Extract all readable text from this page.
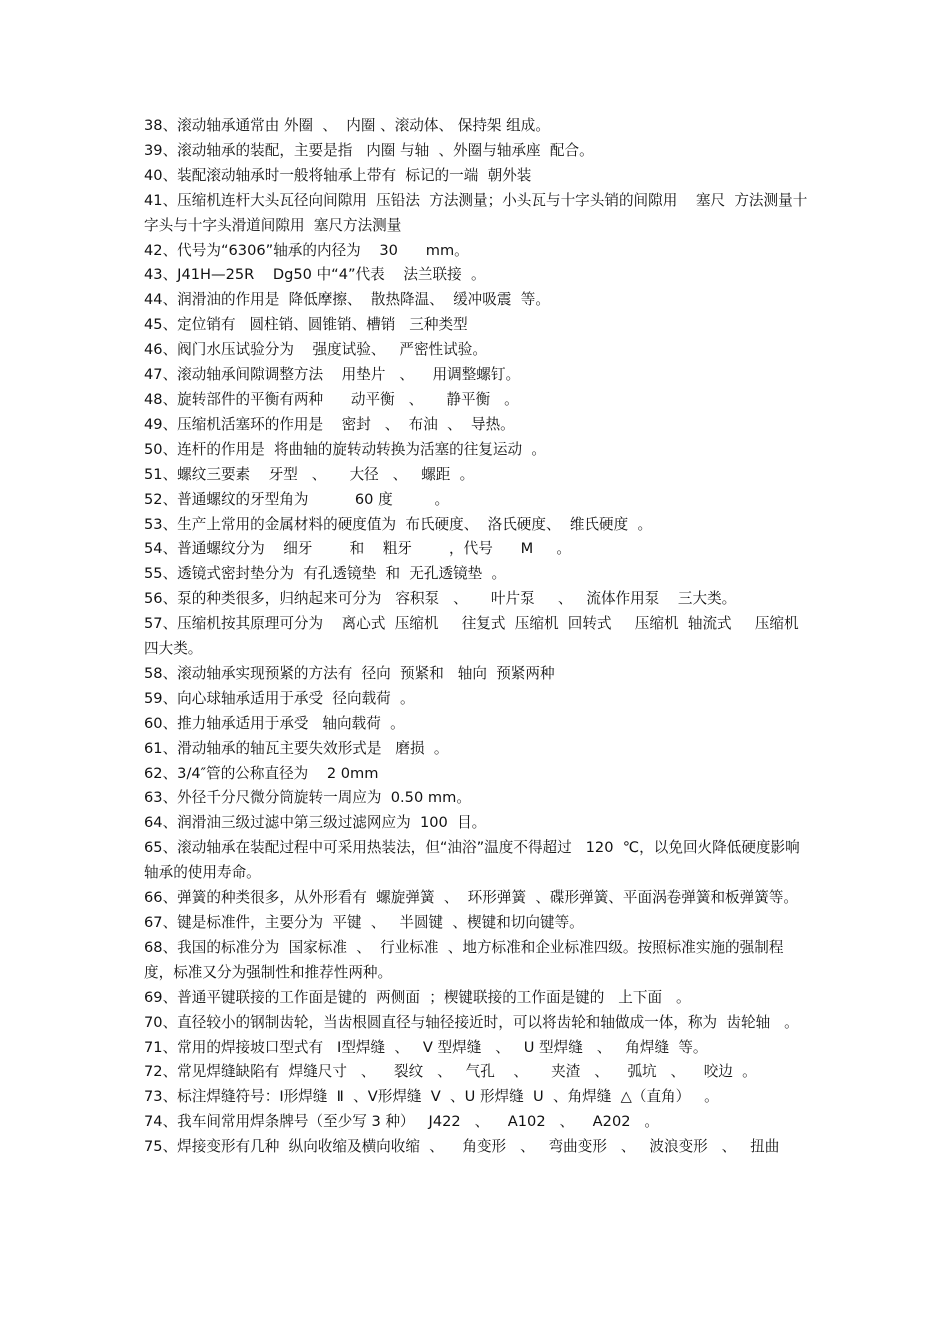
38、滚动轴承通常由 外圈  、  内圈 、滚动体、 保持架 组成。

39、滚动轴承的装配，主要是指   内圈 与轴  、外圈与轴承座  配合。

40、装配滚动轴承时一般将轴承上带有  标记的一端  朝外装

41、压缩机连杆大头瓦径向间隙用  压铅法  方法测量；小头瓦与十字头销的间隙用    塞尺  方法测量十字头与十字头滑道间隙用  塞尺方法测量

42、代号为“6306”轴承的内径为    30      mm。

43、J41H—25R    Dg50 中“4”代表    法兰联接  。

44、润滑油的作用是  降低摩擦、  散热降温、  缓冲吸震  等。

45、定位销有   圆柱销、圆锥销、槽销   三种类型

46、阀门水压试验分为    强度试验、   严密性试验。

47、滚动轴承间隙调整方法    用垫片   、    用调整螺钉。

48、旋转部件的平衡有两种      动平衡   、     静平衡   。

49、压缩机活塞环的作用是    密封   、  布油  、  导热。

50、连杆的作用是  将曲轴的旋转动转换为活塞的往复运动  。

51、螺纹三要素    牙型   、     大径   、   螺距  。

52、普通螺纹的牙型角为          60 度         。

53、生产上常用的金属材料的硬度值为  布氏硬度、  洛氏硬度、  维氏硬度  。

54、普通螺纹分为    细牙        和    粗牙        ，代号      M     。

55、透镜式密封垫分为  有孔透镜垫  和  无孔透镜垫  。

56、泵的种类很多，归纳起来可分为   容积泵   、     叶片泵     、   流体作用泵    三大类。

57、压缩机按其原理可分为    离心式  压缩机     往复式  压缩机  回转式     压缩机  轴流式     压缩机四大类。

58、滚动轴承实现预紧的方法有  径向  预紧和   轴向  预紧两种

59、向心球轴承适用于承受  径向载荷  。

60、推力轴承适用于承受   轴向载荷  。

61、滑动轴承的轴瓦主要失效形式是   磨损  。

62、3/4″管的公称直径为    2 0mm

63、外径千分尺微分筒旋转一周应为  0.50 mm。

64、润滑油三级过滤中第三级过滤网应为  100  目。

65、滚动轴承在装配过程中可采用热装法，但“油浴”温度不得超过   120  ℃，以免回火降低硬度影响轴承的使用寿命。

66、弹簧的种类很多，从外形看有  螺旋弹簧  、  环形弹簧  、碟形弹簧、平面涡卷弹簧和板弹簧等。

67、键是标准件，主要分为  平键  、   半圆键  、楔键和切向键等。

68、我国的标准分为  国家标准  、  行业标准  、地方标准和企业标准四级。按照标准实施的强制程度，标准又分为强制性和推荐性两种。

69、普通平键联接的工作面是键的  两侧面  ；楔键联接的工作面是键的   上下面   。

70、直径较小的钢制齿轮，当齿根圆直径与轴径接近时，可以将齿轮和轴做成一体，称为  齿轮轴   。

71、常用的焊接坡口型式有   Ⅰ型焊缝  、   V 型焊缝   、   U 型焊缝   、   角焊缝  等。

72、常见焊缝缺陷有  焊缝尺寸   、    裂纹   、   气孔    、     夹渣   、    弧坑   、    咬边  。

73、标注焊缝符号：Ⅰ形焊缝  Ⅱ  、V形焊缝  V  、U 形焊缝  U  、角焊缝  △（直角）   。

74、我车间常用焊条牌号（至少写 3 种）   J422   、    A102   、    A202   。

75、焊接变形有几种  纵向收缩及横向收缩  、    角变形   、   弯曲变形   、   波浪变形   、   扭曲
